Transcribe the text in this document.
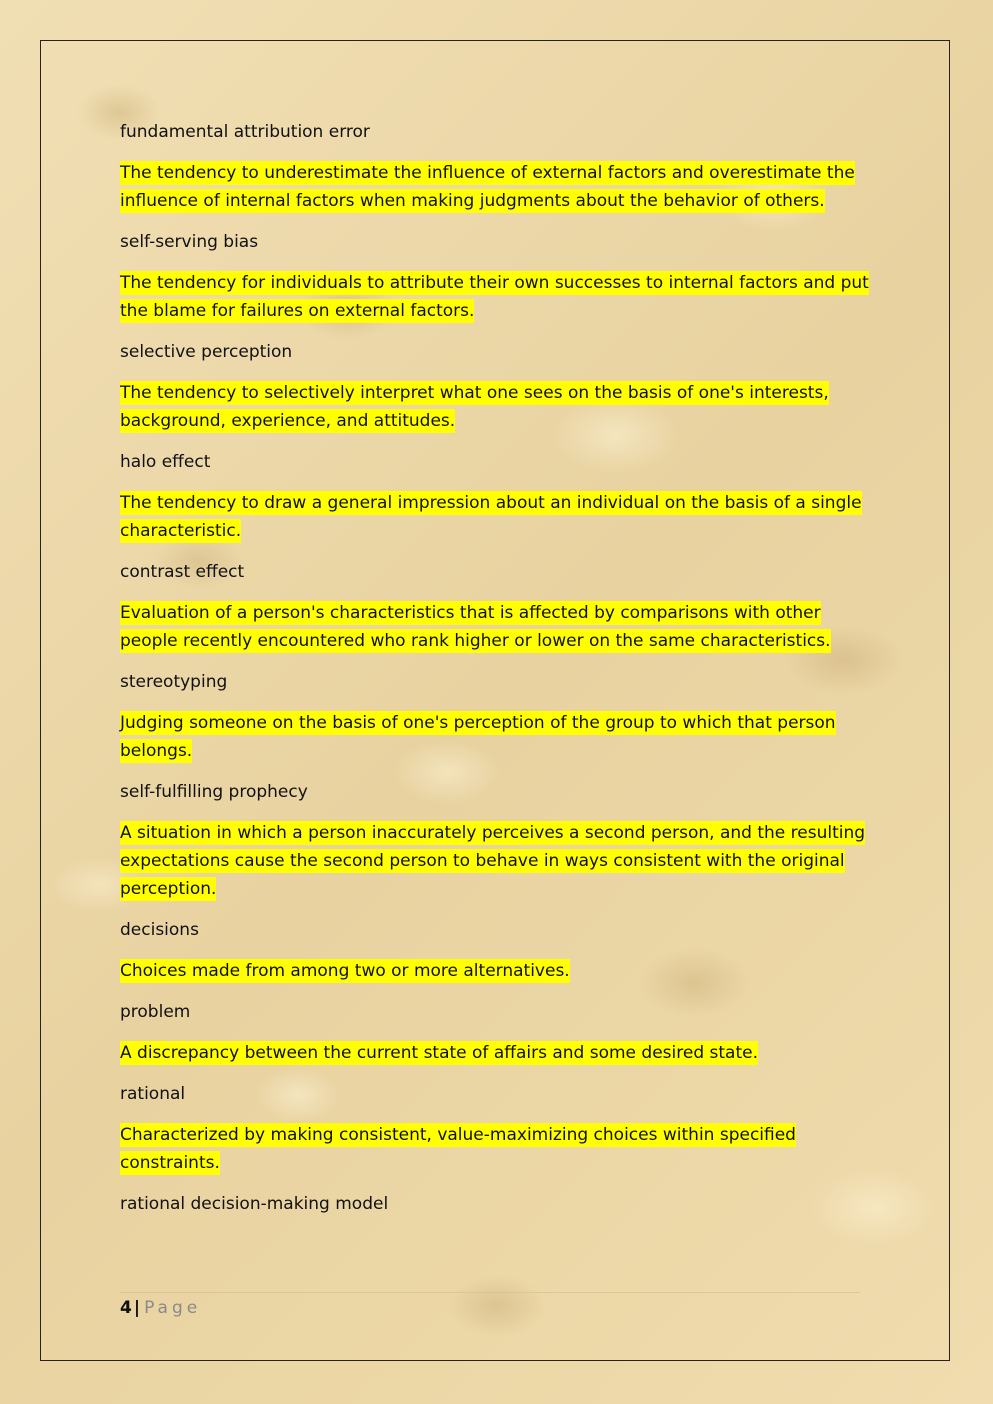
fundamental attribution error

The tendency to underestimate the influence of external factors and overestimate the influence of internal factors when making judgments about the behavior of others.

self-serving bias

The tendency for individuals to attribute their own successes to internal factors and put the blame for failures on external factors.

selective perception

The tendency to selectively interpret what one sees on the basis of one's interests, background, experience, and attitudes.

halo effect

The tendency to draw a general impression about an individual on the basis of a single characteristic.

contrast effect

Evaluation of a person's characteristics that is affected by comparisons with other people recently encountered who rank higher or lower on the same characteristics.

stereotyping

Judging someone on the basis of one's perception of the group to which that person belongs.

self-fulfilling prophecy

A situation in which a person inaccurately perceives a second person, and the resulting expectations cause the second person to behave in ways consistent with the original perception.

decisions

Choices made from among two or more alternatives.

problem

A discrepancy between the current state of affairs and some desired state.

rational

Characterized by making consistent, value-maximizing choices within specified constraints.

rational decision-making model

4 | Page
